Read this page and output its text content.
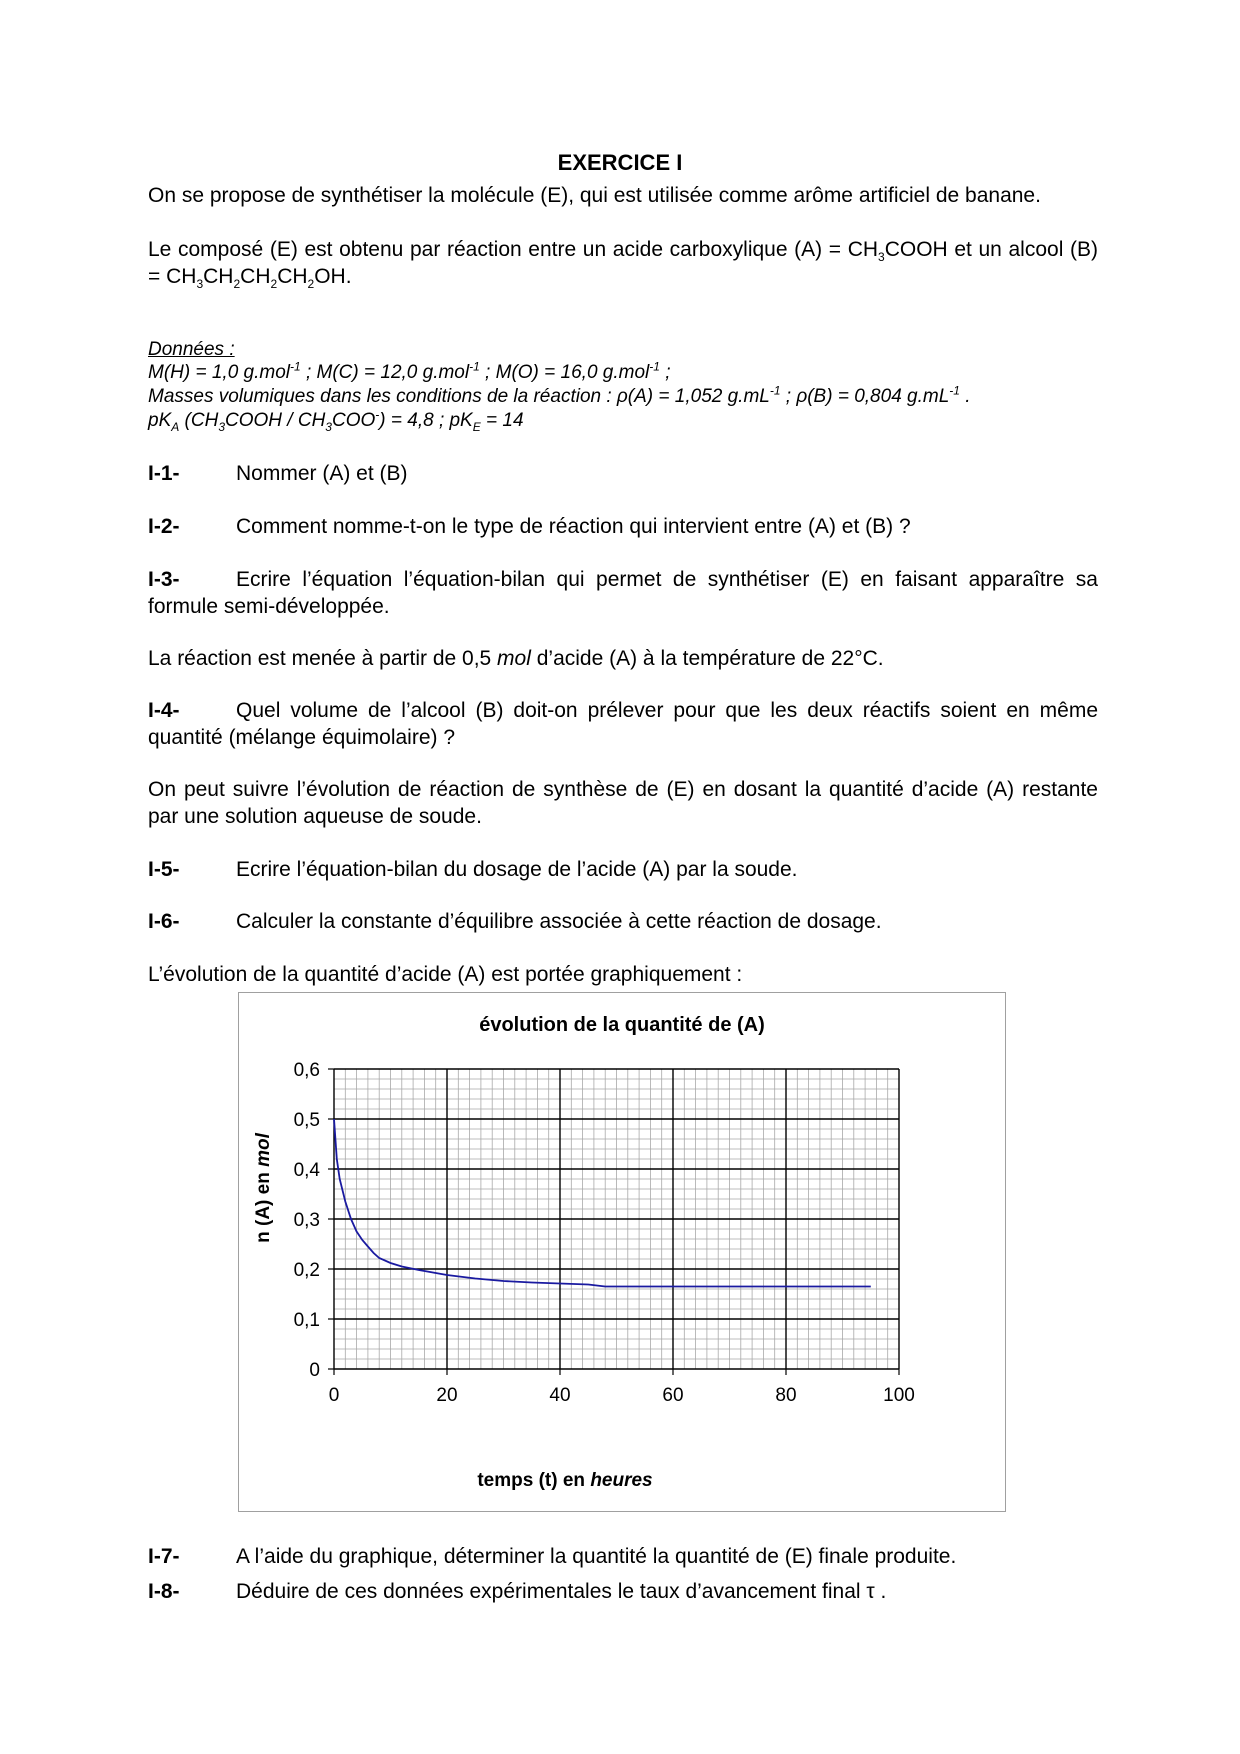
EXERCICE I
On se propose de synthétiser la molécule (E), qui est utilisée comme arôme artificiel de banane.
Le composé (E) est obtenu par réaction entre un acide carboxylique $(A) = CH_3COOH$ et un alcool $(B) = CH_3CH_2CH_2CH_2OH$.
Données :
M(H) = 1,0 g.mol$^{-1}$ ; M(C) = 12,0 g.mol$^{-1}$ ; M(O) = 16,0 g.mol$^{-1}$ ;
Masses volumiques dans les conditions de la réaction : ρ(A) = 1,052 $g.mL^{-1}$ ; ρ(B) = 0,804 $g.mL^{-1}$ .
$pK_A$ $(CH_3COOH / CH_3COO^-) = 4,8$ ; $pK_E = 14$
I-1-	Nommer (A) et (B)
I-2-	Comment nomme-t-on le type de réaction qui intervient entre (A) et (B) ?
I-3-	Ecrire l’équation l’équation-bilan qui permet de synthétiser (E) en faisant apparaître sa formule semi-développée.
La réaction est menée à partir de 0,5 mol d’acide (A) à la température de 22°C.
I-4-	Quel volume de l’alcool (B) doit-on prélever pour que les deux réactifs soient en même quantité (mélange équimolaire) ?
On peut suivre l’évolution de réaction de synthèse de (E) en dosant la quantité d’acide (A) restante par une solution aqueuse de soude.
I-5-	Ecrire l’équation-bilan du dosage de l’acide (A) par la soude.
I-6-	Calculer la constante d’équilibre associée à cette réaction de dosage.
L’évolution de la quantité d’acide (A) est portée graphiquement :
évolution de la quantité de (A)
0
0,1
0,2
0,3
0,4
0,5
0,6
0	20	40	60	80	100
temps (t) en heures
n (A) en mol
I-7-	A l’aide du graphique, déterminer la quantité la quantité de (E) finale produite.
I-8-	Déduire de ces données expérimentales le taux d’avancement final τ .
